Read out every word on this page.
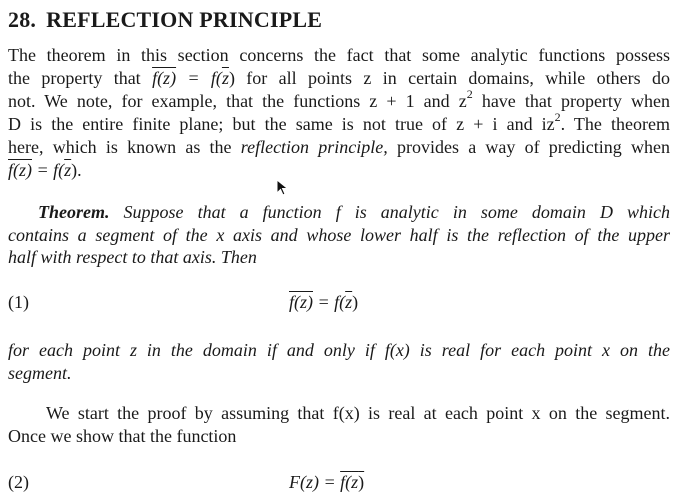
28. REFLECTION PRINCIPLE
The theorem in this section concerns the fact that some analytic functions possess
the property that $f(z) = f(\overline{z})$ for all points z in certain domains, while others do
not. We note, for example, that the functions z + 1 and $z^2$ have that property when
D is the entire finite plane; but the same is not true of z + i and $iz^2$. The theorem
here, which is known as the reflection principle, provides a way of predicting when
$f(z) = f(\overline{z})$.
Theorem. Suppose that a function f is analytic in some domain D which
contains a segment of the x axis and whose lower half is the reflection of the upper
half with respect to that axis. Then
(1)	$f(z) = f(\overline{z})$
for each point z in the domain if and only if f(x) is real for each point x on the
segment.
We start the proof by assuming that f(x) is real at each point x on the segment.
Once we show that the function
(2)	F(z) = f(z)
